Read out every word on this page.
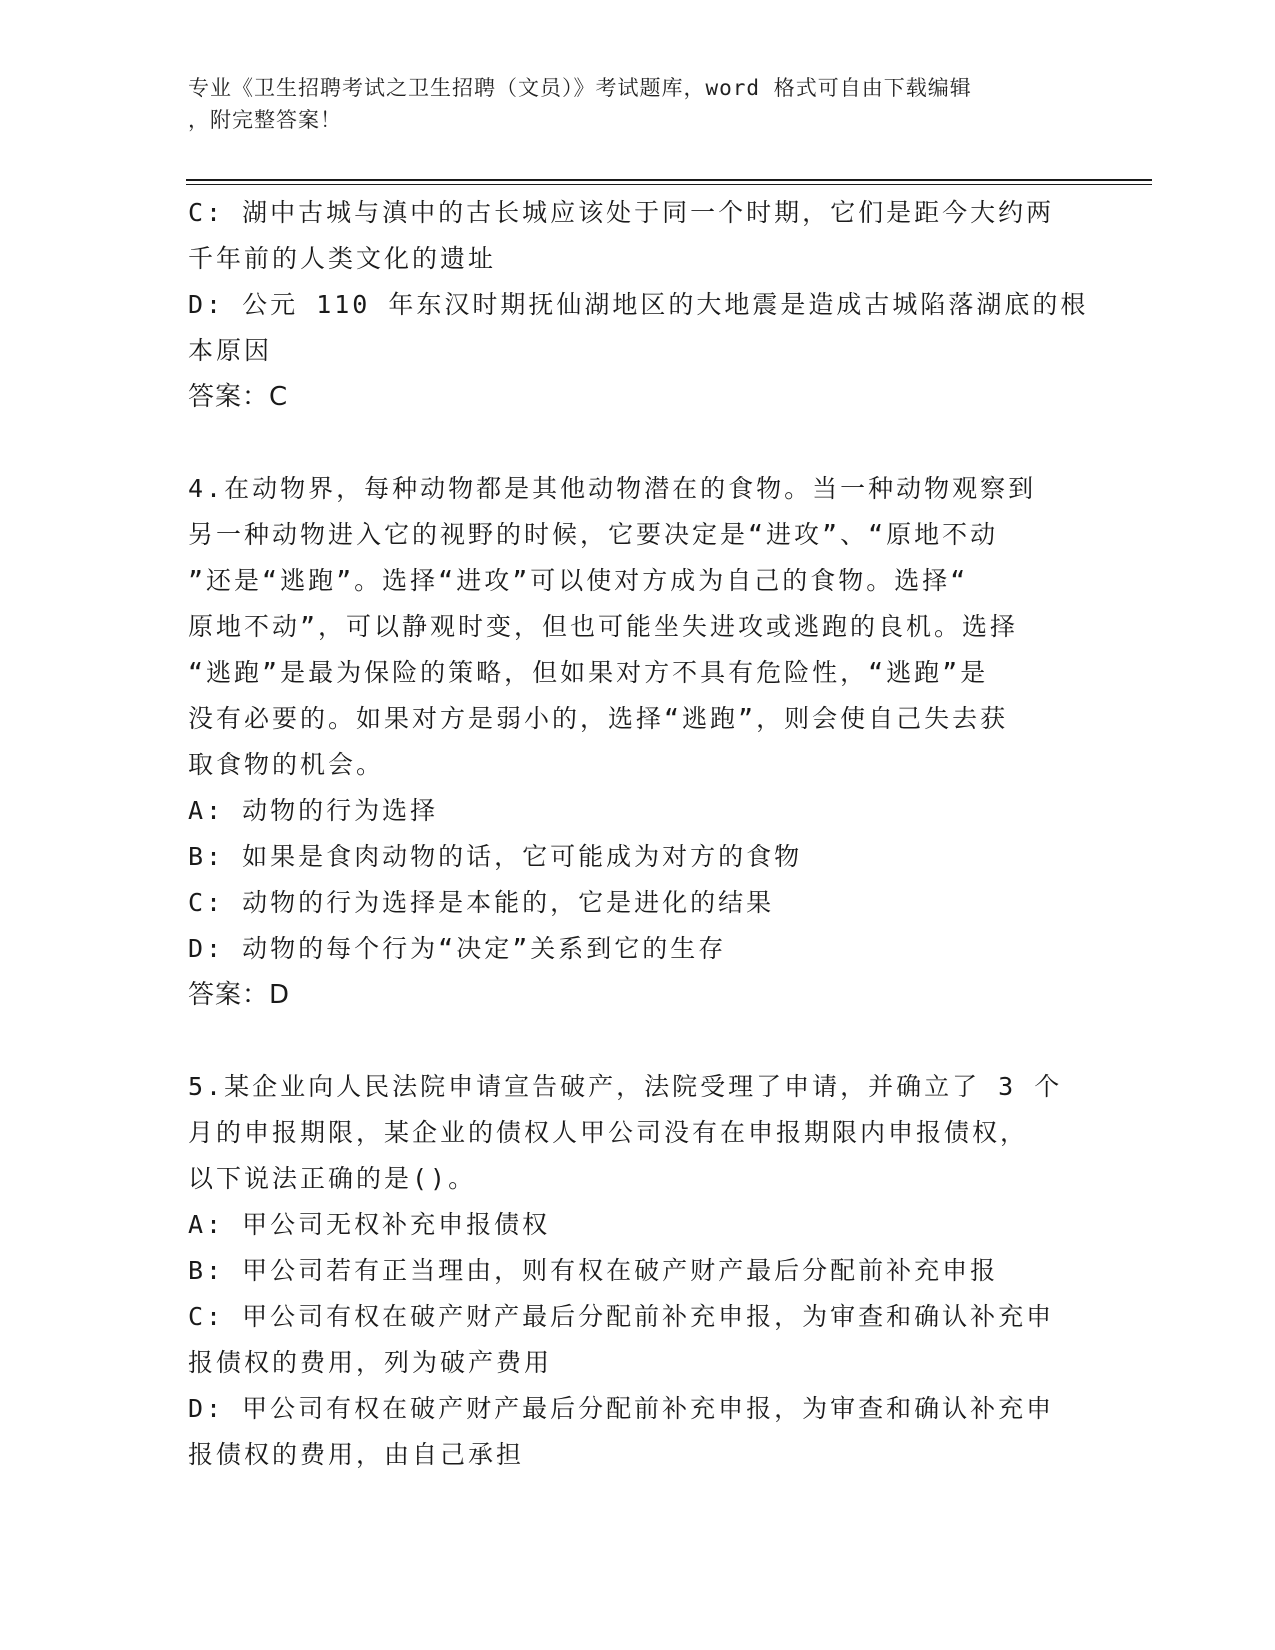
专业《卫生招聘考试之卫生招聘（文员）》考试题库，word 格式可自由下载编辑
，附完整答案！

C: 湖中古城与滇中的古长城应该处于同一个时期，它们是距今大约两

千年前的人类文化的遗址

D: 公元 110 年东汉时期抚仙湖地区的大地震是造成古城陷落湖底的根

本原因

答案：C

4.在动物界，每种动物都是其他动物潜在的食物。当一种动物观察到

另一种动物进入它的视野的时候，它要决定是“进攻”、“原地不动

”还是“逃跑”。选择“进攻”可以使对方成为自己的食物。选择“

原地不动”，可以静观时变，但也可能坐失进攻或逃跑的良机。选择

“逃跑”是最为保险的策略，但如果对方不具有危险性，“逃跑”是

没有必要的。如果对方是弱小的，选择“逃跑”，则会使自己失去获

取食物的机会。

A: 动物的行为选择

B: 如果是食肉动物的话，它可能成为对方的食物

C: 动物的行为选择是本能的，它是进化的结果

D: 动物的每个行为“决定”关系到它的生存

答案：D

5.某企业向人民法院申请宣告破产，法院受理了申请，并确立了 3 个

月的申报期限，某企业的债权人甲公司没有在申报期限内申报债权，

以下说法正确的是()。

A: 甲公司无权补充申报债权

B: 甲公司若有正当理由，则有权在破产财产最后分配前补充申报

C: 甲公司有权在破产财产最后分配前补充申报，为审查和确认补充申

报债权的费用，列为破产费用

D: 甲公司有权在破产财产最后分配前补充申报，为审查和确认补充申

报债权的费用，由自己承担
